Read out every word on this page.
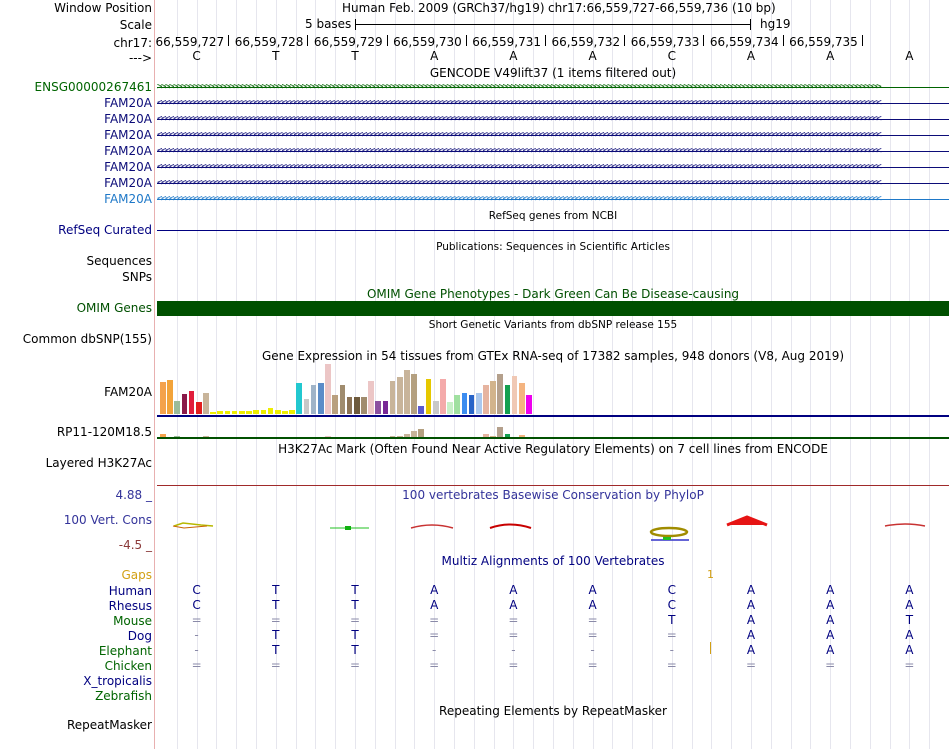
Window Position	Human Feb. 2009 (GRCh37/hg19) chr17:66,559,727-66,559,736 (10 bp)
Scale	5 bases	hg19
chr17: 66,559,727 66,559,728 66,559,729 66,559,730 66,559,731 66,559,732 66,559,733 66,559,734 66,559,735
--->	C	T	T	A	A	A	C	A	A	A
GENCODE V49lift37 (1 items filtered out)
ENSG00000267461 >>>>>>>>>>>>>>>>>>>>>>>>>>>>>>>>>>>>>>>>>>>>>>>>>>>>>>>>>>>>>>>>>>>>>>>>>>>>>>>>>>>>>>>>>>>>>>>>>>>>>>>>>>>>>>>>>>>>>>>>>>>>>>>>>>>>>>>>>>>>>>>>>>>>>>>>>>>>>>>>>>>>>>>>>>>>>>>>>>>>
<<<<<<<<<<<<<<<<<<<<<<<<<<<<<<<<<<<<<<<<<<<<<<<<<<<<<<<<<<<<<<<<<<<<<<<<<<<<<<<<<<<<<<<<<<<<<<<<<<<<<<<<<<<<<<<<<<<<<<<<<<<<<<<<<<<<<<<<<<<<<<<<<<<<<<<<<<<<<<<<<<<<<<<<<<<<<<<<<<<<
<<<<<<<<<<<<<<<<<<<<<<<<<<<<<<<<<<<<<<<<<<<<<<<<<<<<<<<<<<<<<<<<<<<<<<<<<<<<<<<<<<<<<<<<<<<<<<<<<<<<<<<<<<<<<<<<<<<<<<<<<<<<<<<<<<<<<<<<<<<<<<<<<<<<<<<<<<<<<<<<<<<<<<<<<<<<<<<<<<<<
<<<<<<<<<<<<<<<<<<<<<<<<<<<<<<<<<<<<<<<<<<<<<<<<<<<<<<<<<<<<<<<<<<<<<<<<<<<<<<<<<<<<<<<<<<<<<<<<<<<<<<<<<<<<<<<<<<<<<<<<<<<<<<<<<<<<<<<<<<<<<<<<<<<<<<<<<<<<<<<<<<<<<<<<<<<<<<<<<<<<
<<<<<<<<<<<<<<<<<<<<<<<<<<<<<<<<<<<<<<<<<<<<<<<<<<<<<<<<<<<<<<<<<<<<<<<<<<<<<<<<<<<<<<<<<<<<<<<<<<<<<<<<<<<<<<<<<<<<<<<<<<<<<<<<<<<<<<<<<<<<<<<<<<<<<<<<<<<<<<<<<<<<<<<<<<<<<<<<<<<<
<<<<<<<<<<<<<<<<<<<<<<<<<<<<<<<<<<<<<<<<<<<<<<<<<<<<<<<<<<<<<<<<<<<<<<<<<<<<<<<<<<<<<<<<<<<<<<<<<<<<<<<<<<<<<<<<<<<<<<<<<<<<<<<<<<<<<<<<<<<<<<<<<<<<<<<<<<<<<<<<<<<<<<<<<<<<<<<<<<<<
<<<<<<<<<<<<<<<<<<<<<<<<<<<<<<<<<<<<<<<<<<<<<<<<<<<<<<<<<<<<<<<<<<<<<<<<<<<<<<<<<<<<<<<<<<<<<<<<<<<<<<<<<<<<<<<<<<<<<<<<<<<<<<<<<<<<<<<<<<<<<<<<<<<<<<<<<<<<<<<<<<<<<<<<<<<<<<<<<<<<
<<<<<<<<<<<<<<<<<<<<<<<<<<<<<<<<<<<<<<<<<<<<<<<<<<<<<<<<<<<<<<<<<<<<<<<<<<<<<<<<<<<<<<<<<<<<<<<<<<<<<<<<<<<<<<<<<<<<<<<<<<<<<<<<<<<<<<<<<<<<<<<<<<<<<<<<<<<<<<<<<<<<<<<<<<<<<<<<<<<<
FAM20A
FAM20A
FAM20A
FAM20A
FAM20A
FAM20A
FAM20A
RefSeq genes from NCBI
RefSeq Curated
Publications: Sequences in Scientific Articles
Sequences
SNPs
OMIM Gene Phenotypes - Dark Green Can Be Disease-causing
OMIM Genes
Short Genetic Variants from dbSNP release 155
Common dbSNP(155)
Gene Expression in 54 tissues from GTEx RNA-seq of 17382 samples, 948 donors (V8, Aug 2019)
FAM20A
RP11-120M18.5
H3K27Ac Mark (Often Found Near Active Regulatory Elements) on 7 cell lines from ENCODE
Layered H3K27Ac
100 vertebrates Basewise Conservation by PhyloP
4.88 _
100 Vert. Cons
-4.5 _
Multiz Alignments of 100 Vertebrates
Gaps	1
Human	C	T	T	A	A	A	C	A	A	A
Rhesus	C	T	T	A	A	A	C	A	A	A
Mouse	=	=	=	=	=	=	T	A	A	T
Dog	-	T	T	=	=	=	=	A	A	A
Elephant	-	T	T	-	-	-	-	A	A	A
Chicken	=	=	=	=	=	=	=	=	=	=
X_tropicalis
Zebrafish
Repeating Elements by RepeatMasker
RepeatMasker
